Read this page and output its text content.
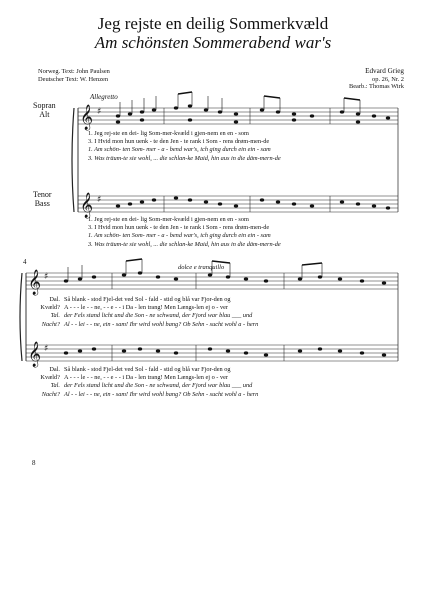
Jeg rejste en deilig Sommerkvæld
Am schönsten Sommerabend war's
Norweg. Text: John Paulsen
Deutscher Text: W. Henzen
Edvard Grieg
op. 26, Nr. 2
Bearb.: Thomas Wirk
Sopran
Alt
Tenor
Bass
Allegretto
𝄞
𝄞
𝄞
𝄞
♯
♯
♯
♯
1. Jeg rej-ste en dei- lig Som-mer-kvæld i gjen-nem en en - som
3. I Hvid mon hun uenk - te den Jen - te rank i Som - rens drøm-men-de
1. Am schön- ten Som- mer - a - bend war's, ich ging durch ein ein - sam
3. Was träum-te sie wohl, ... die schlan-ke Maid, hin aus in die däm-mern-de
1. Jeg rej-ste en dei- lig Som-mer-kvæld i gjen-nem en en - som
3. I Hvid mon hun uenk - te den Jen - te rank i Som - rens drøm-men-de
1. Am schön- ten Som- mer - a - bend war's, ich ging durch ein ein - sam
3. Was träum-te sie wohl, ... die schlan-ke Maid, hin aus in die däm-mern-de
4
dolce e tranquillo
Dal.
Kvæld?
Tal.
Nacht?
Så blank - stod Fjel-det ved Sol - fald - stid og blå var Fjor-den og
A - - - le - - ne, - - e - - i Da - len trang! Men Længs-len ej o - ver
der Fels stand licht und die Son - ne schwand, der Fjord war blau ___ und
Al - - lei - - ne, ein - sam! Ihr wird wohl bang? Ob Sehn - sucht wohl a - hern
Dal.
Kvæld?
Tal.
Nacht?
Så blank - stod Fjel-det ved Sol - fald - stid og blå var Fjor-den og
A - - - le - - ne, - - e - - i Da - len trang! Men Længs-len ej o - ver
der Fels stand licht und die Son - ne schwand, der Fjord war blau ___ und
Al - - lei - - ne, ein - sam! Ihr wird wohl bang? Ob Sehn - sucht wohl a - hern
8
